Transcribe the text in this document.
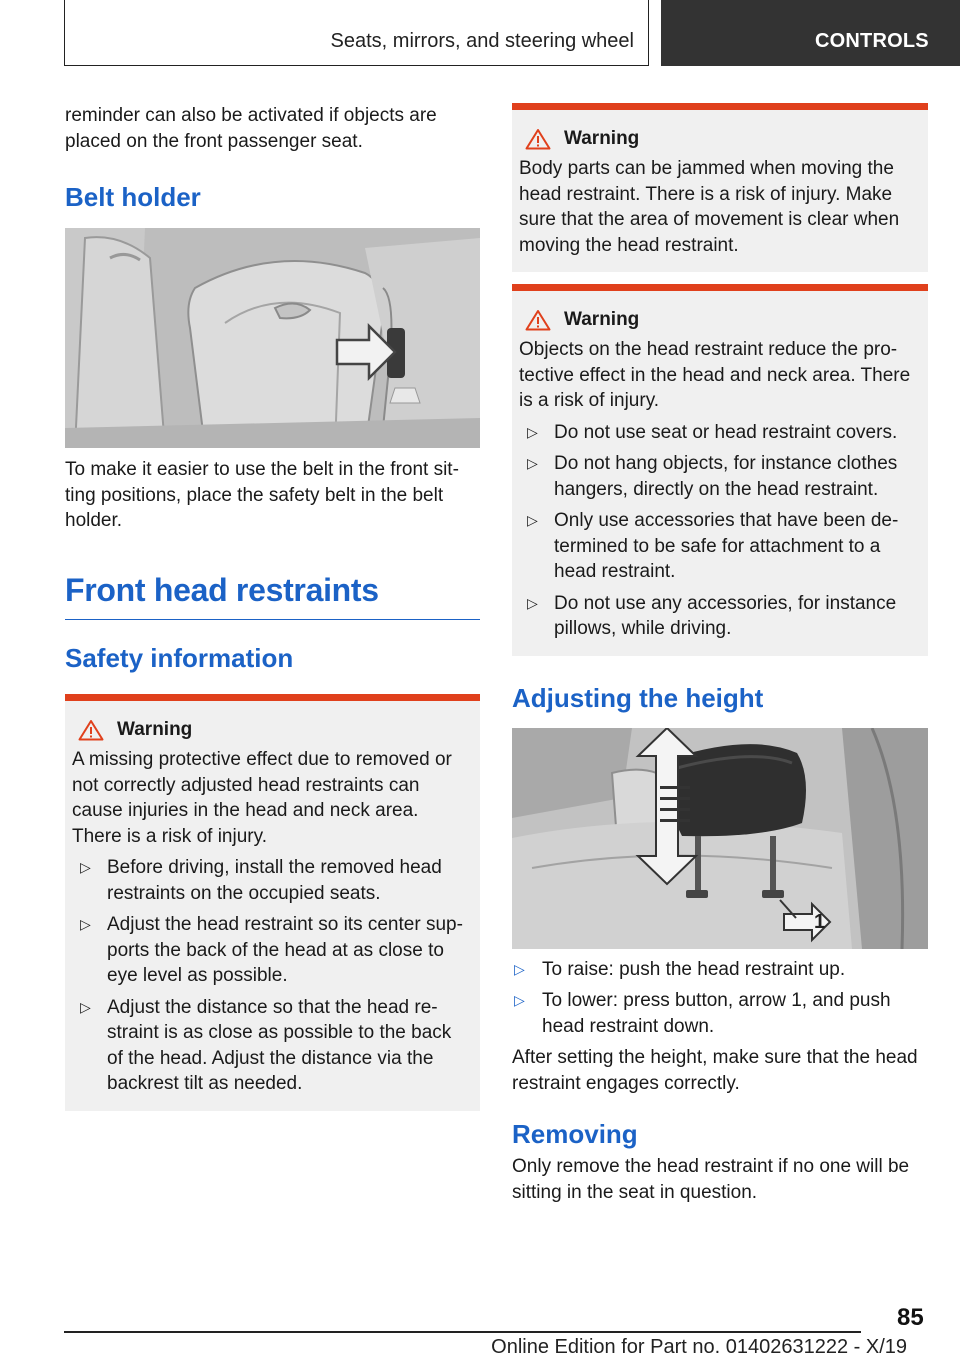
Seats, mirrors, and steering wheel	CONTROLS

reminder can also be activated if objects are placed on the front passenger seat.

Belt holder

To make it easier to use the belt in the front sit-ting positions, place the safety belt in the belt holder.

Front head restraints
Safety information
Warning

A missing protective effect due to removed or not correctly adjusted head restraints can cause injuries in the head and neck area. There is a risk of injury.

▷ Before driving, install the removed head restraints on the occupied seats.
▷ Adjust the head restraint so its center sup-ports the back of the head at as close to eye level as possible.
▷ Adjust the distance so that the head re-straint is as close as possible to the back of the head. Adjust the distance via the backrest tilt as needed.
Warning

Body parts can be jammed when moving the head restraint. There is a risk of injury. Make sure that the area of movement is clear when moving the head restraint.

Warning

Objects on the head restraint reduce the pro-tective effect in the head and neck area. There is a risk of injury.

▷ Do not use seat or head restraint covers.
▷ Do not hang objects, for instance clothes hangers, directly on the head restraint.
▷ Only use accessories that have been de-termined to be safe for attachment to a head restraint.
▷ Do not use any accessories, for instance pillows, while driving.
Adjusting the height
1
▷ To raise: push the head restraint up.
▷ To lower: press button, arrow 1, and push head restraint down.

After setting the height, make sure that the head restraint engages correctly.

Removing

Only remove the head restraint if no one will be sitting in the seat in question.

85
Online Edition for Part no. 01402631222 - X/19
